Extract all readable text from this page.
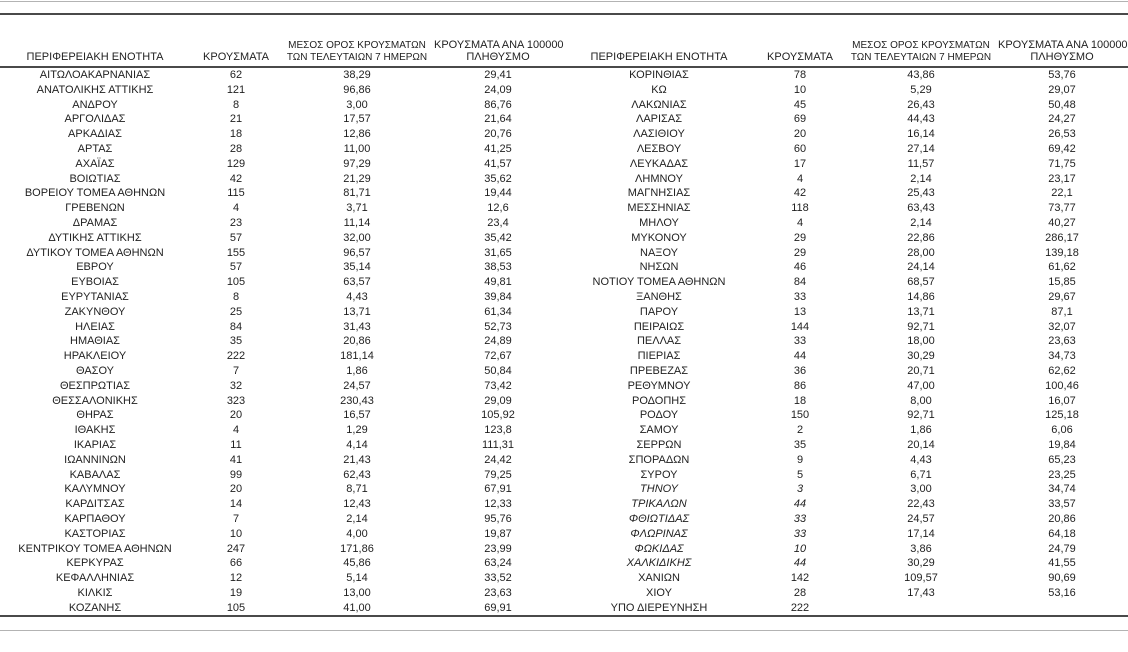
ΠΕΡΙΦΕΡΕΙΑΚΗ ΕΝΟΤΗΤΑ	ΚΡΟΥΣΜΑΤΑ	ΜΕΣΟΣ ΟΡΟΣ ΚΡΟΥΣΜΑΤΩΝ
ΤΩΝ ΤΕΛΕΥΤΑΙΩΝ 7 ΗΜΕΡΩΝ	ΚΡΟΥΣΜΑΤΑ ΑΝΑ 100000
ΠΛΗΘΥΣΜΟ

ΑΙΤΩΛΟΑΚΑΡΝΑΝΙΑΣ	62	38,29	29,41
ΑΝΑΤΟΛΙΚΗΣ ΑΤΤΙΚΗΣ	121	96,86	24,09
ΑΝΔΡΟΥ	8	3,00	86,76
ΑΡΓΟΛΙΔΑΣ	21	17,57	21,64
ΑΡΚΑΔΙΑΣ	18	12,86	20,76
ΑΡΤΑΣ	28	11,00	41,25
ΑΧΑΪΑΣ	129	97,29	41,57
ΒΟΙΩΤΙΑΣ	42	21,29	35,62
ΒΟΡΕΙΟΥ ΤΟΜΕΑ ΑΘΗΝΩΝ	115	81,71	19,44
ΓΡΕΒΕΝΩΝ	4	3,71	12,6
ΔΡΑΜΑΣ	23	11,14	23,4
ΔΥΤΙΚΗΣ ΑΤΤΙΚΗΣ	57	32,00	35,42
ΔΥΤΙΚΟΥ ΤΟΜΕΑ ΑΘΗΝΩΝ	155	96,57	31,65
ΕΒΡΟΥ	57	35,14	38,53
ΕΥΒΟΙΑΣ	105	63,57	49,81
ΕΥΡΥΤΑΝΙΑΣ	8	4,43	39,84
ΖΑΚΥΝΘΟΥ	25	13,71	61,34
ΗΛΕΙΑΣ	84	31,43	52,73
ΗΜΑΘΙΑΣ	35	20,86	24,89
ΗΡΑΚΛΕΙΟΥ	222	181,14	72,67
ΘΑΣΟΥ	7	1,86	50,84
ΘΕΣΠΡΩΤΙΑΣ	32	24,57	73,42
ΘΕΣΣΑΛΟΝΙΚΗΣ	323	230,43	29,09
ΘΗΡΑΣ	20	16,57	105,92
ΙΘΑΚΗΣ	4	1,29	123,8
ΙΚΑΡΙΑΣ	11	4,14	111,31
ΙΩΑΝΝΙΝΩΝ	41	21,43	24,42
ΚΑΒΑΛΑΣ	99	62,43	79,25
ΚΑΛΥΜΝΟΥ	20	8,71	67,91
ΚΑΡΔΙΤΣΑΣ	14	12,43	12,33
ΚΑΡΠΑΘΟΥ	7	2,14	95,76
ΚΑΣΤΟΡΙΑΣ	10	4,00	19,87
ΚΕΝΤΡΙΚΟΥ ΤΟΜΕΑ ΑΘΗΝΩΝ	247	171,86	23,99
ΚΕΡΚΥΡΑΣ	66	45,86	63,24
ΚΕΦΑΛΛΗΝΙΑΣ	12	5,14	33,52
ΚΙΛΚΙΣ	19	13,00	23,63
ΚΟΖΑΝΗΣ	105	41,00	69,91
ΠΕΡΙΦΕΡΕΙΑΚΗ ΕΝΟΤΗΤΑ	ΚΡΟΥΣΜΑΤΑ	ΜΕΣΟΣ ΟΡΟΣ ΚΡΟΥΣΜΑΤΩΝ
ΤΩΝ ΤΕΛΕΥΤΑΙΩΝ 7 ΗΜΕΡΩΝ	ΚΡΟΥΣΜΑΤΑ ΑΝΑ 100000
ΠΛΗΘΥΣΜΟ

ΚΟΡΙΝΘΙΑΣ	78	43,86	53,76
ΚΩ	10	5,29	29,07
ΛΑΚΩΝΙΑΣ	45	26,43	50,48
ΛΑΡΙΣΑΣ	69	44,43	24,27
ΛΑΣΙΘΙΟΥ	20	16,14	26,53
ΛΕΣΒΟΥ	60	27,14	69,42
ΛΕΥΚΑΔΑΣ	17	11,57	71,75
ΛΗΜΝΟΥ	4	2,14	23,17
ΜΑΓΝΗΣΙΑΣ	42	25,43	22,1
ΜΕΣΣΗΝΙΑΣ	118	63,43	73,77
ΜΗΛΟΥ	4	2,14	40,27
ΜΥΚΟΝΟΥ	29	22,86	286,17
ΝΑΞΟΥ	29	28,00	139,18
ΝΗΣΩΝ	46	24,14	61,62
ΝΟΤΙΟΥ ΤΟΜΕΑ ΑΘΗΝΩΝ	84	68,57	15,85
ΞΑΝΘΗΣ	33	14,86	29,67
ΠΑΡΟΥ	13	13,71	87,1
ΠΕΙΡΑΙΩΣ	144	92,71	32,07
ΠΕΛΛΑΣ	33	18,00	23,63
ΠΙΕΡΙΑΣ	44	30,29	34,73
ΠΡΕΒΕΖΑΣ	36	20,71	62,62
ΡΕΘΥΜΝΟΥ	86	47,00	100,46
ΡΟΔΟΠΗΣ	18	8,00	16,07
ΡΟΔΟΥ	150	92,71	125,18
ΣΑΜΟΥ	2	1,86	6,06
ΣΕΡΡΩΝ	35	20,14	19,84
ΣΠΟΡΑΔΩΝ	9	4,43	65,23
ΣΥΡΟΥ	5	6,71	23,25
ΤΗΝΟΥ	3	3,00	34,74
ΤΡΙΚΑΛΩΝ	44	22,43	33,57
ΦΘΙΩΤΙΔΑΣ	33	24,57	20,86
ΦΛΩΡΙΝΑΣ	33	17,14	64,18
ΦΩΚΙΔΑΣ	10	3,86	24,79
ΧΑΛΚΙΔΙΚΗΣ	44	30,29	41,55
ΧΑΝΙΩΝ	142	109,57	90,69
ΧΙΟΥ	28	17,43	53,16
ΥΠΟ ΔΙΕΡΕΥΝΗΣΗ	222		
